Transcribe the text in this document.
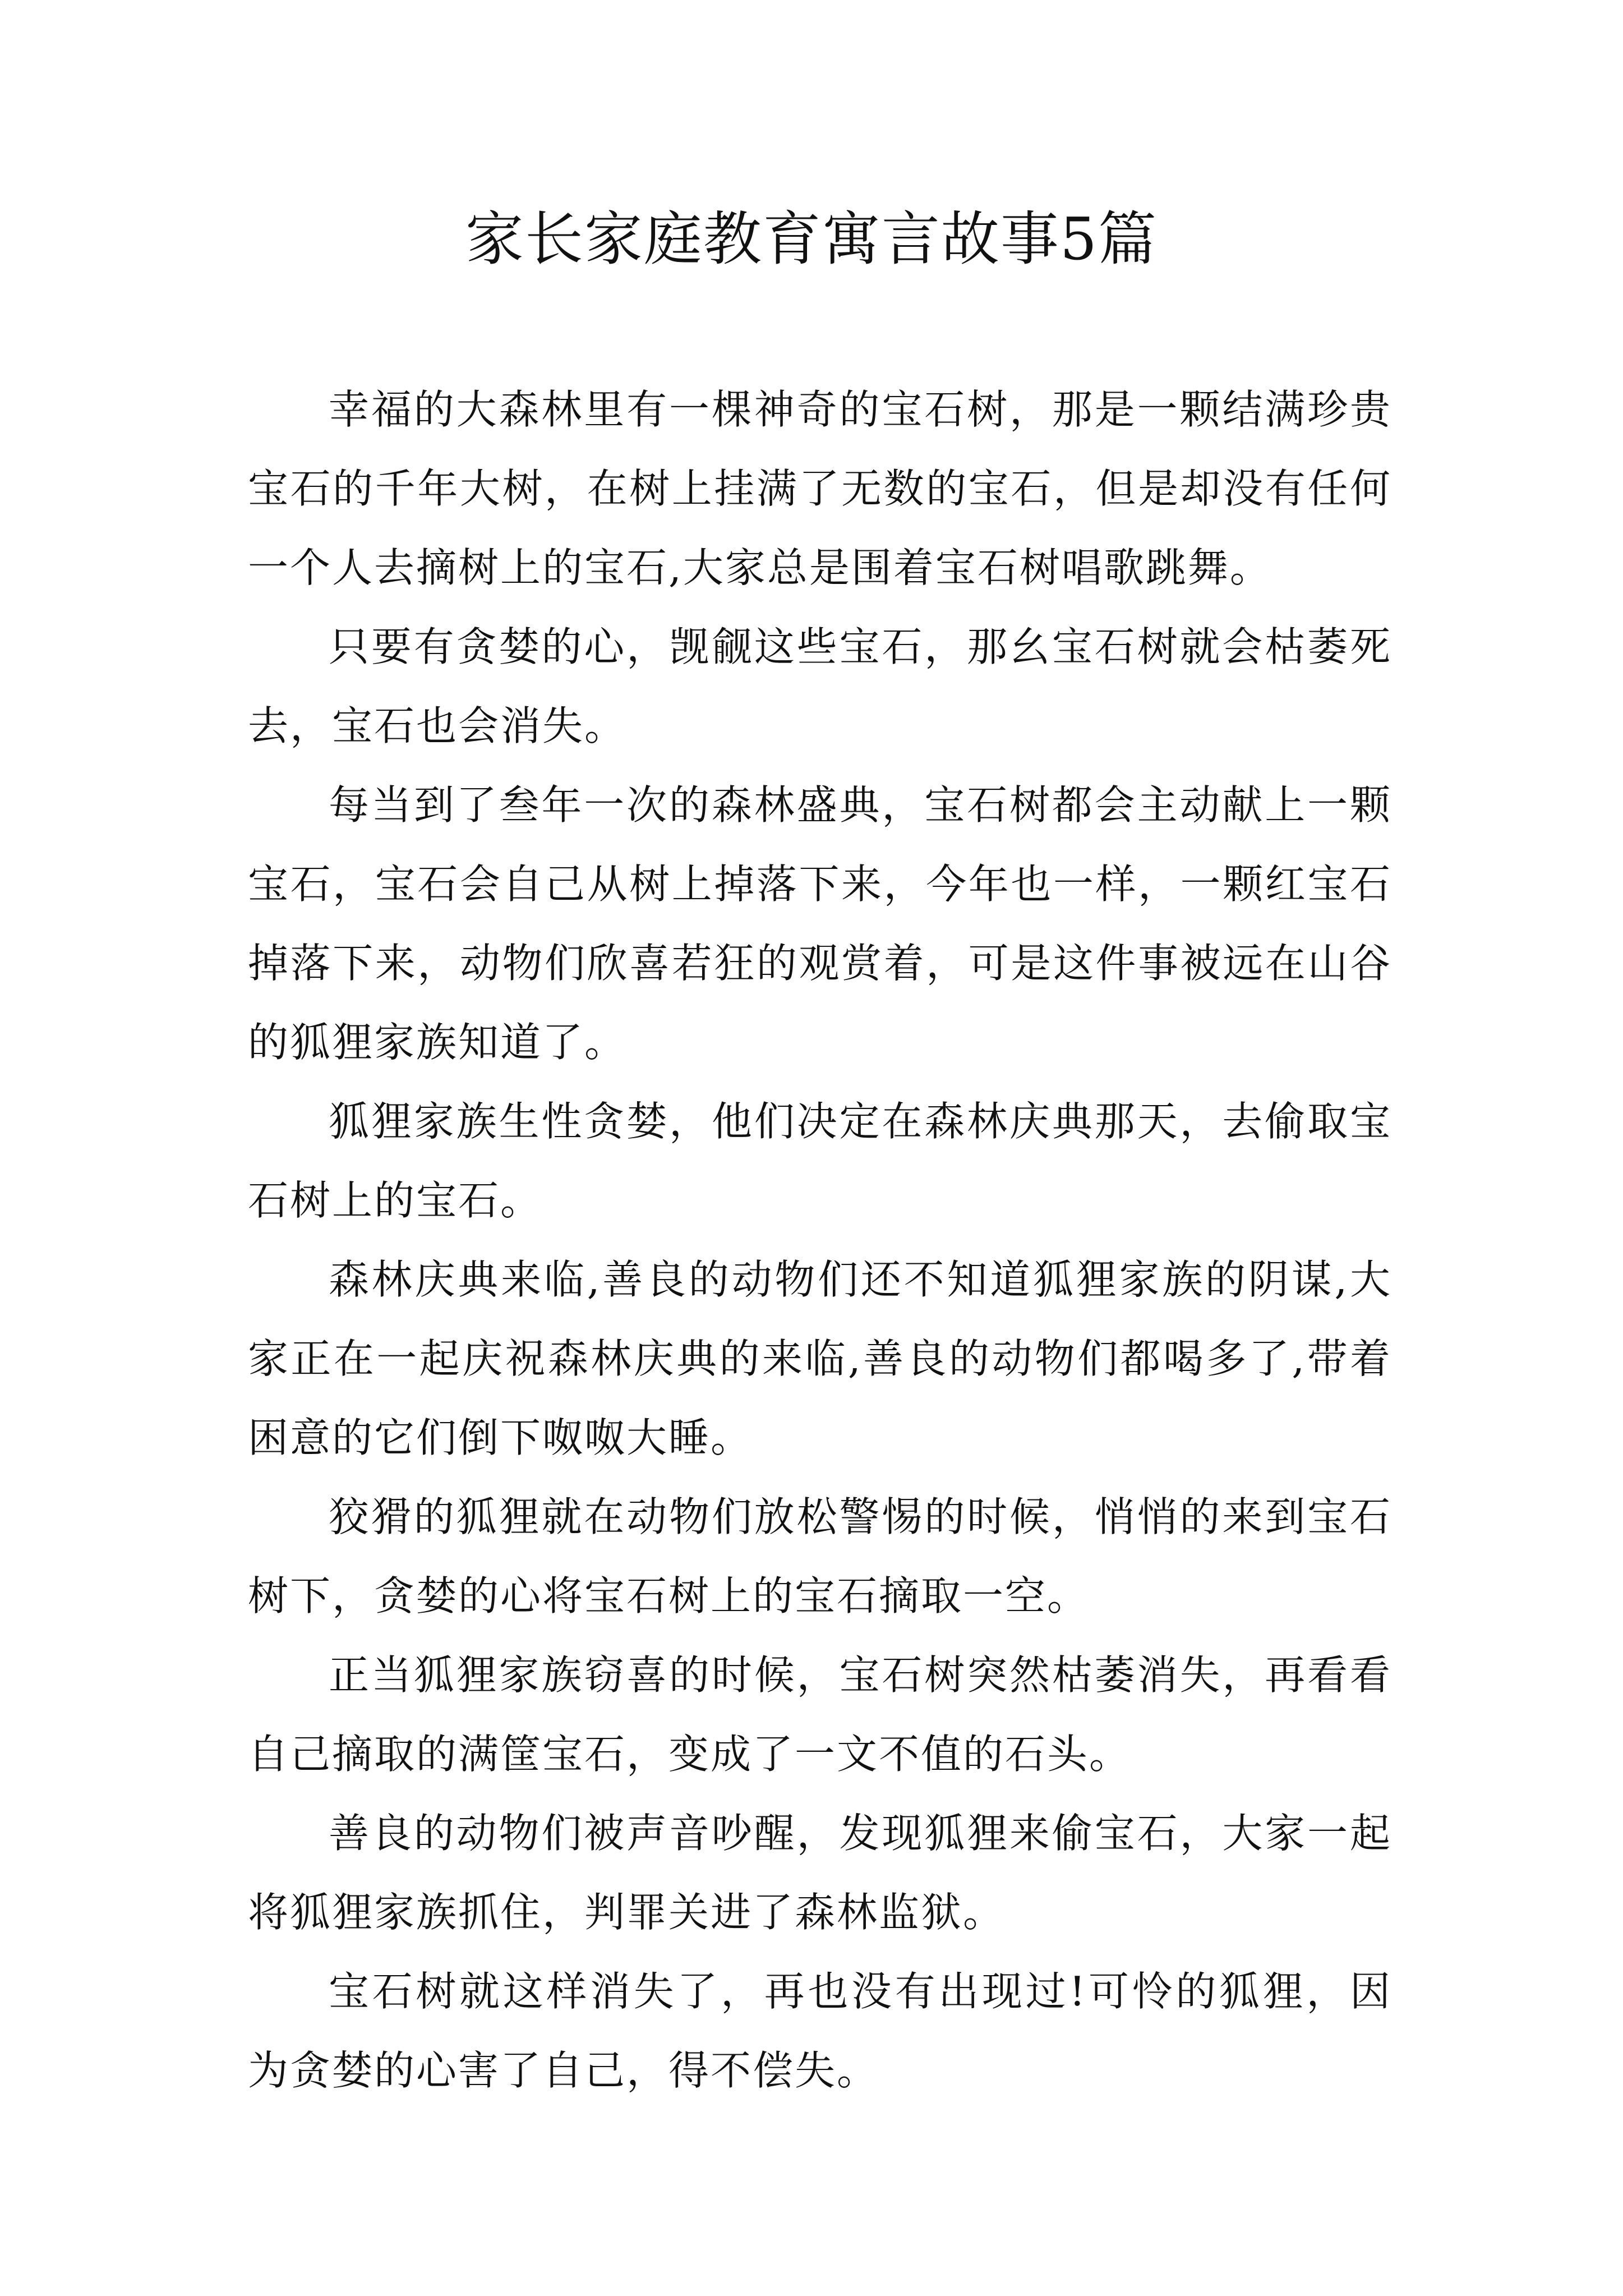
家长家庭教育寓言故事5篇

幸福的大森林里有一棵神奇的宝石树，那是一颗结满珍贵宝石的千年大树，在树上挂满了无数的宝石，但是却没有任何一个人去摘树上的宝石,大家总是围着宝石树唱歌跳舞。

只要有贪婪的心，觊觎这些宝石，那幺宝石树就会枯萎死去，宝石也会消失。

每当到了叁年一次的森林盛典，宝石树都会主动献上一颗宝石，宝石会自己从树上掉落下来，今年也一样，一颗红宝石掉落下来，动物们欣喜若狂的观赏着，可是这件事被远在山谷的狐狸家族知道了。

狐狸家族生性贪婪，他们决定在森林庆典那天，去偷取宝石树上的宝石。

森林庆典来临,善良的动物们还不知道狐狸家族的阴谋,大家正在一起庆祝森林庆典的来临,善良的动物们都喝多了,带着困意的它们倒下呶呶大睡。

狡猾的狐狸就在动物们放松警惕的时候，悄悄的来到宝石树下，贪婪的心将宝石树上的宝石摘取一空。

正当狐狸家族窃喜的时候，宝石树突然枯萎消失，再看看自己摘取的满筐宝石，变成了一文不值的石头。

善良的动物们被声音吵醒，发现狐狸来偷宝石，大家一起将狐狸家族抓住，判罪关进了森林监狱。

宝石树就这样消失了，再也没有出现过!可怜的狐狸，因为贪婪的心害了自己，得不偿失。
